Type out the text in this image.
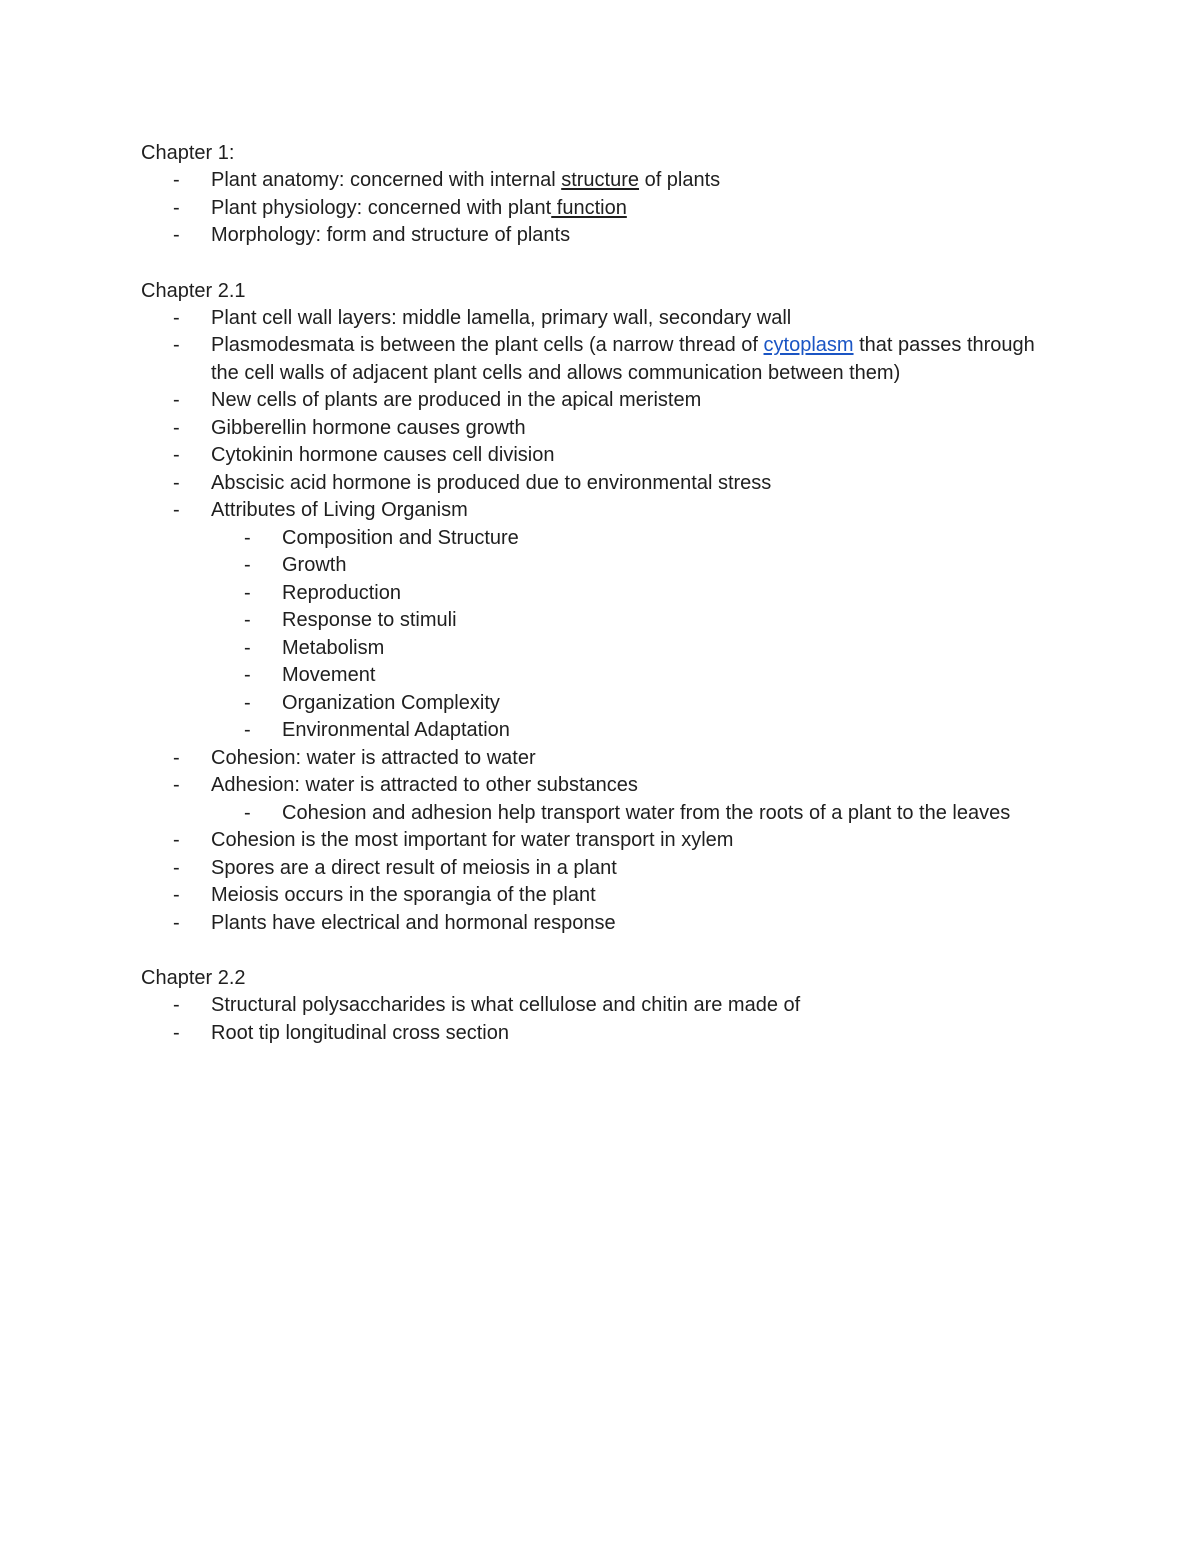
Chapter 1:
-	Plant anatomy: concerned with internal structure of plants
-	Plant physiology: concerned with plant function
-	Morphology: form and structure of plants
Chapter 2.1
-	Plant cell wall layers: middle lamella, primary wall, secondary wall
-	Plasmodesmata is between the plant cells (a narrow thread of cytoplasm that passes through the cell walls of adjacent plant cells and allows communication between them)
-	New cells of plants are produced in the apical meristem
-	Gibberellin hormone causes growth
-	Cytokinin hormone causes cell division
-	Abscisic acid hormone is produced due to environmental stress
-	Attributes of Living Organism
-	Composition and Structure
-	Growth
-	Reproduction
-	Response to stimuli
-	Metabolism
-	Movement
-	Organization Complexity
-	Environmental Adaptation
-	Cohesion: water is attracted to water
-	Adhesion: water is attracted to other substances
-	Cohesion and adhesion help transport water from the roots of a plant to the leaves
-	Cohesion is the most important for water transport in xylem
-	Spores are a direct result of meiosis in a plant
-	Meiosis occurs in the sporangia of the plant
-	Plants have electrical and hormonal response
Chapter 2.2
-	Structural polysaccharides is what cellulose and chitin are made of
-	Root tip longitudinal cross section
